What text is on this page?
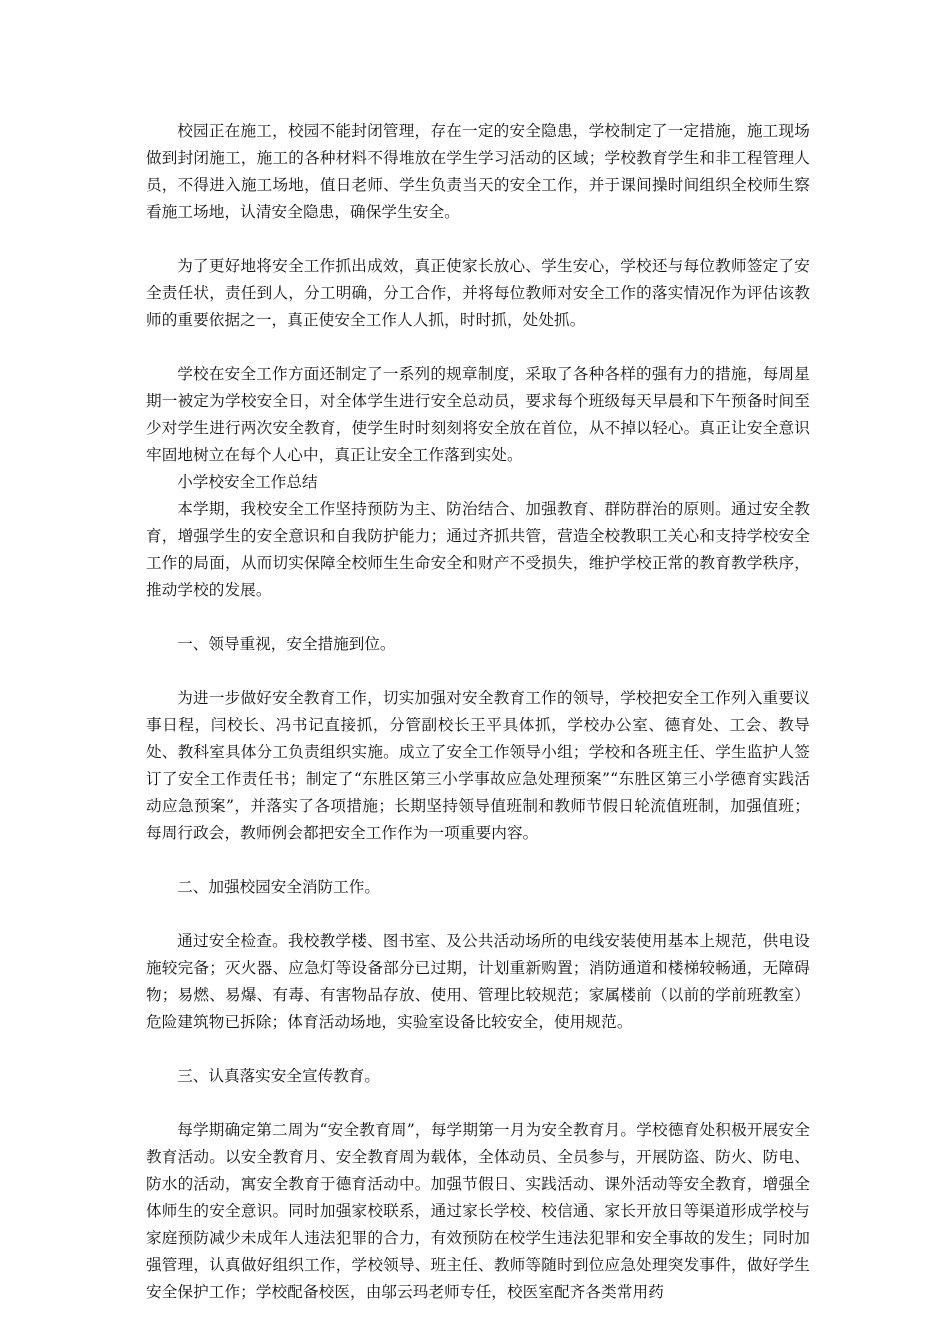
校园正在施工，校园不能封闭管理，存在一定的安全隐患，学校制定了一定措施，施工现场做到封闭施工，施工的各种材料不得堆放在学生学习活动的区域；学校教育学生和非工程管理人员，不得进入施工场地，值日老师、学生负责当天的安全工作，并于课间操时间组织全校师生察看施工场地，认清安全隐患，确保学生安全。

为了更好地将安全工作抓出成效，真正使家长放心、学生安心，学校还与每位教师签定了安全责任状，责任到人，分工明确，分工合作，并将每位教师对安全工作的落实情况作为评估该教师的重要依据之一，真正使安全工作人人抓，时时抓，处处抓。

学校在安全工作方面还制定了一系列的规章制度，采取了各种各样的强有力的措施，每周星期一被定为学校安全日，对全体学生进行安全总动员，要求每个班级每天早晨和下午预备时间至少对学生进行两次安全教育，使学生时时刻刻将安全放在首位，从不掉以轻心。真正让安全意识牢固地树立在每个人心中，真正让安全工作落到实处。

小学校安全工作总结

本学期，我校安全工作坚持预防为主、防治结合、加强教育、群防群治的原则。通过安全教育，增强学生的安全意识和自我防护能力；通过齐抓共管，营造全校教职工关心和支持学校安全工作的局面，从而切实保障全校师生生命安全和财产不受损失，维护学校正常的教育教学秩序，推动学校的发展。

一、领导重视，安全措施到位。

为进一步做好安全教育工作，切实加强对安全教育工作的领导，学校把安全工作列入重要议事日程，闫校长、冯书记直接抓，分管副校长王平具体抓，学校办公室、德育处、工会、教导处、教科室具体分工负责组织实施。成立了安全工作领导小组；学校和各班主任、学生监护人签订了安全工作责任书；制定了“东胜区第三小学事故应急处理预案”“东胜区第三小学德育实践活动应急预案”，并落实了各项措施；长期坚持领导值班制和教师节假日轮流值班制，加强值班；每周行政会，教师例会都把安全工作作为一项重要内容。

二、加强校园安全消防工作。

通过安全检查。我校教学楼、图书室、及公共活动场所的电线安装使用基本上规范，供电设施较完备；灭火器、应急灯等设备部分已过期，计划重新购置；消防通道和楼梯较畅通，无障碍物；易燃、易爆、有毒、有害物品存放、使用、管理比较规范；家属楼前（以前的学前班教室）危险建筑物已拆除；体育活动场地，实验室设备比较安全，使用规范。

三、认真落实安全宣传教育。

每学期确定第二周为“安全教育周”，每学期第一月为安全教育月。学校德育处积极开展安全教育活动。以安全教育月、安全教育周为载体，全体动员、全员参与，开展防盗、防火、防电、防水的活动，寓安全教育于德育活动中。加强节假日、实践活动、课外活动等安全教育，增强全体师生的安全意识。同时加强家校联系，通过家长学校、校信通、家长开放日等渠道形成学校与家庭预防减少未成年人违法犯罪的合力，有效预防在校学生违法犯罪和安全事故的发生；同时加强管理，认真做好组织工作，学校领导、班主任、教师等随时到位应急处理突发事件，做好学生安全保护工作；学校配备校医，由邬云玛老师专任，校医室配齐各类常用药
